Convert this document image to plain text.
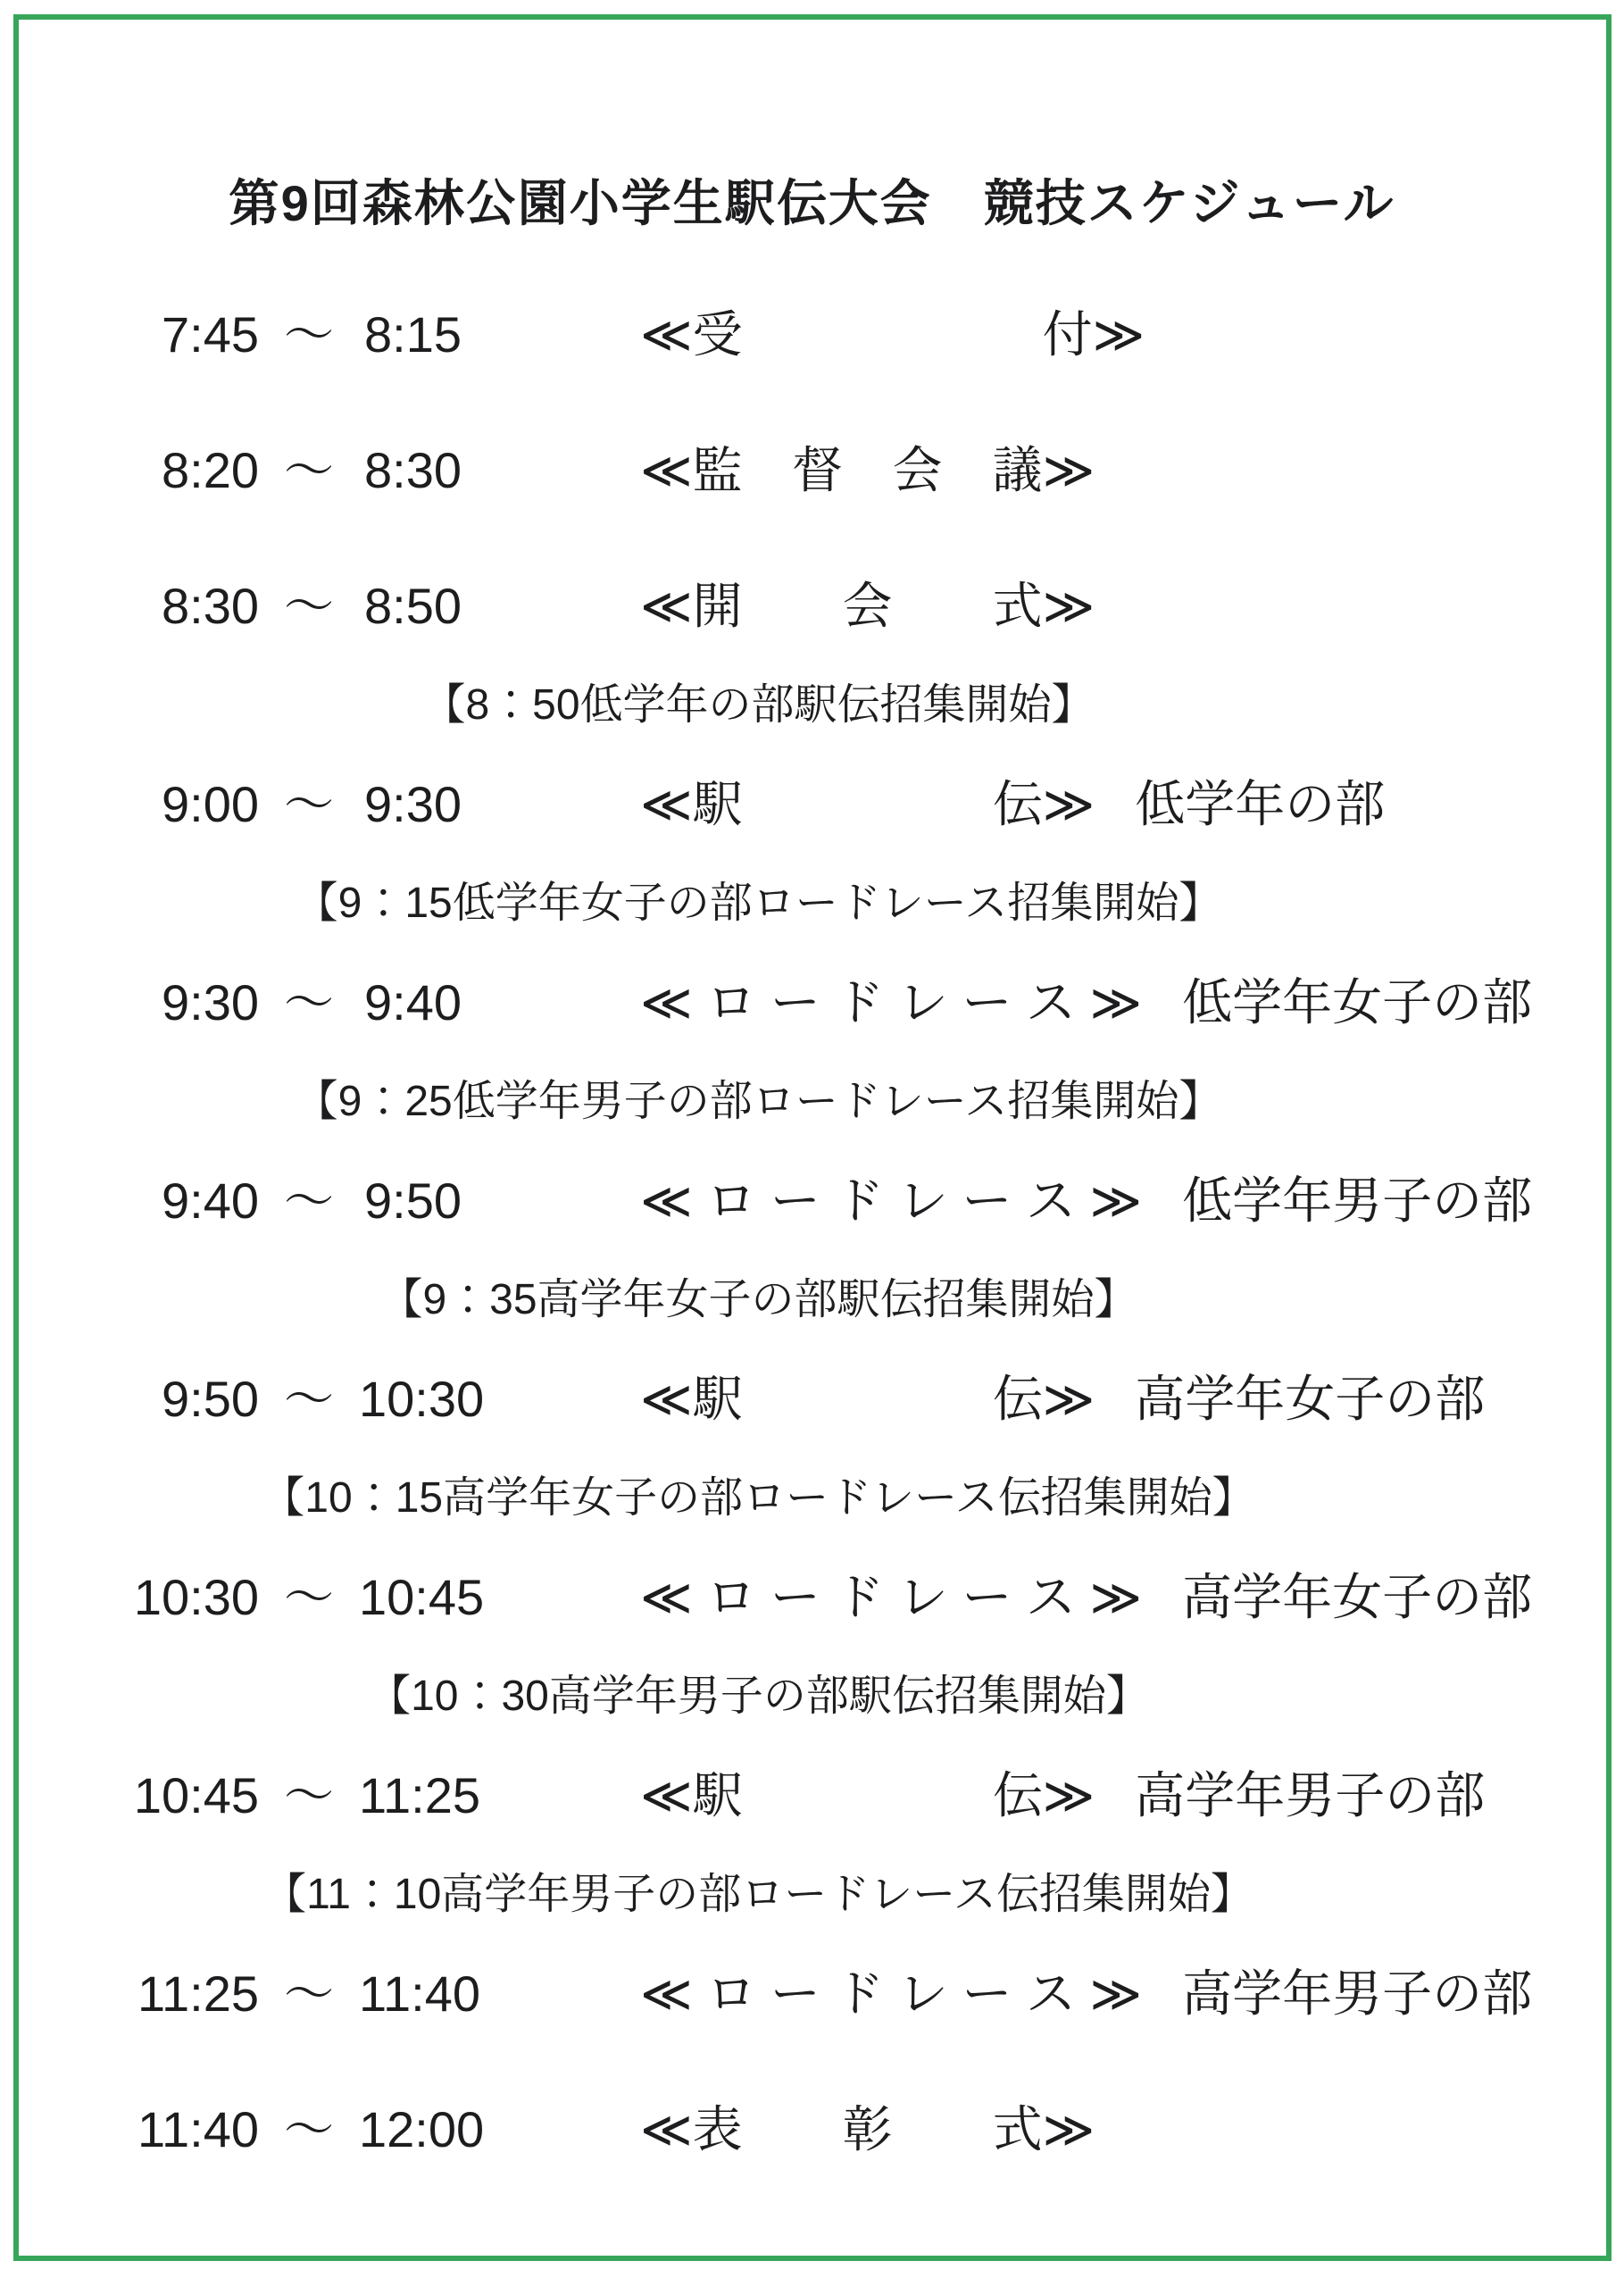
第9回森林公園小学生駅伝大会　競技スケジュール
7:45 ～ 8:15	≪受　　　　　　付≫
8:20 ～ 8:30	≪監　督　会　議≫
8:30 ～ 8:50	≪開　　会　　式≫
【8：50低学年の部駅伝招集開始】
9:00 ～ 9:30	≪駅　　　　　伝≫ 低学年の部
【9：15低学年女子の部ロードレース招集開始】
9:30 ～ 9:40	≪ ロ ー ド レ ー ス ≫ 低学年女子の部
【9：25低学年男子の部ロードレース招集開始】
9:40 ～ 9:50	≪ ロ ー ド レ ー ス ≫ 低学年男子の部
【9：35高学年女子の部駅伝招集開始】
9:50 ～ 10:30	≪駅　　　　　伝≫ 高学年女子の部
【10：15高学年女子の部ロードレース伝招集開始】
10:30 ～ 10:45	≪ ロ ー ド レ ー ス ≫ 高学年女子の部
【10：30高学年男子の部駅伝招集開始】
10:45 ～ 11:25	≪駅　　　　　伝≫ 高学年男子の部
【11：10高学年男子の部ロードレース伝招集開始】
11:25 ～ 11:40	≪ ロ ー ド レ ー ス ≫ 高学年男子の部
11:40 ～ 12:00	≪表　　彰　　式≫
